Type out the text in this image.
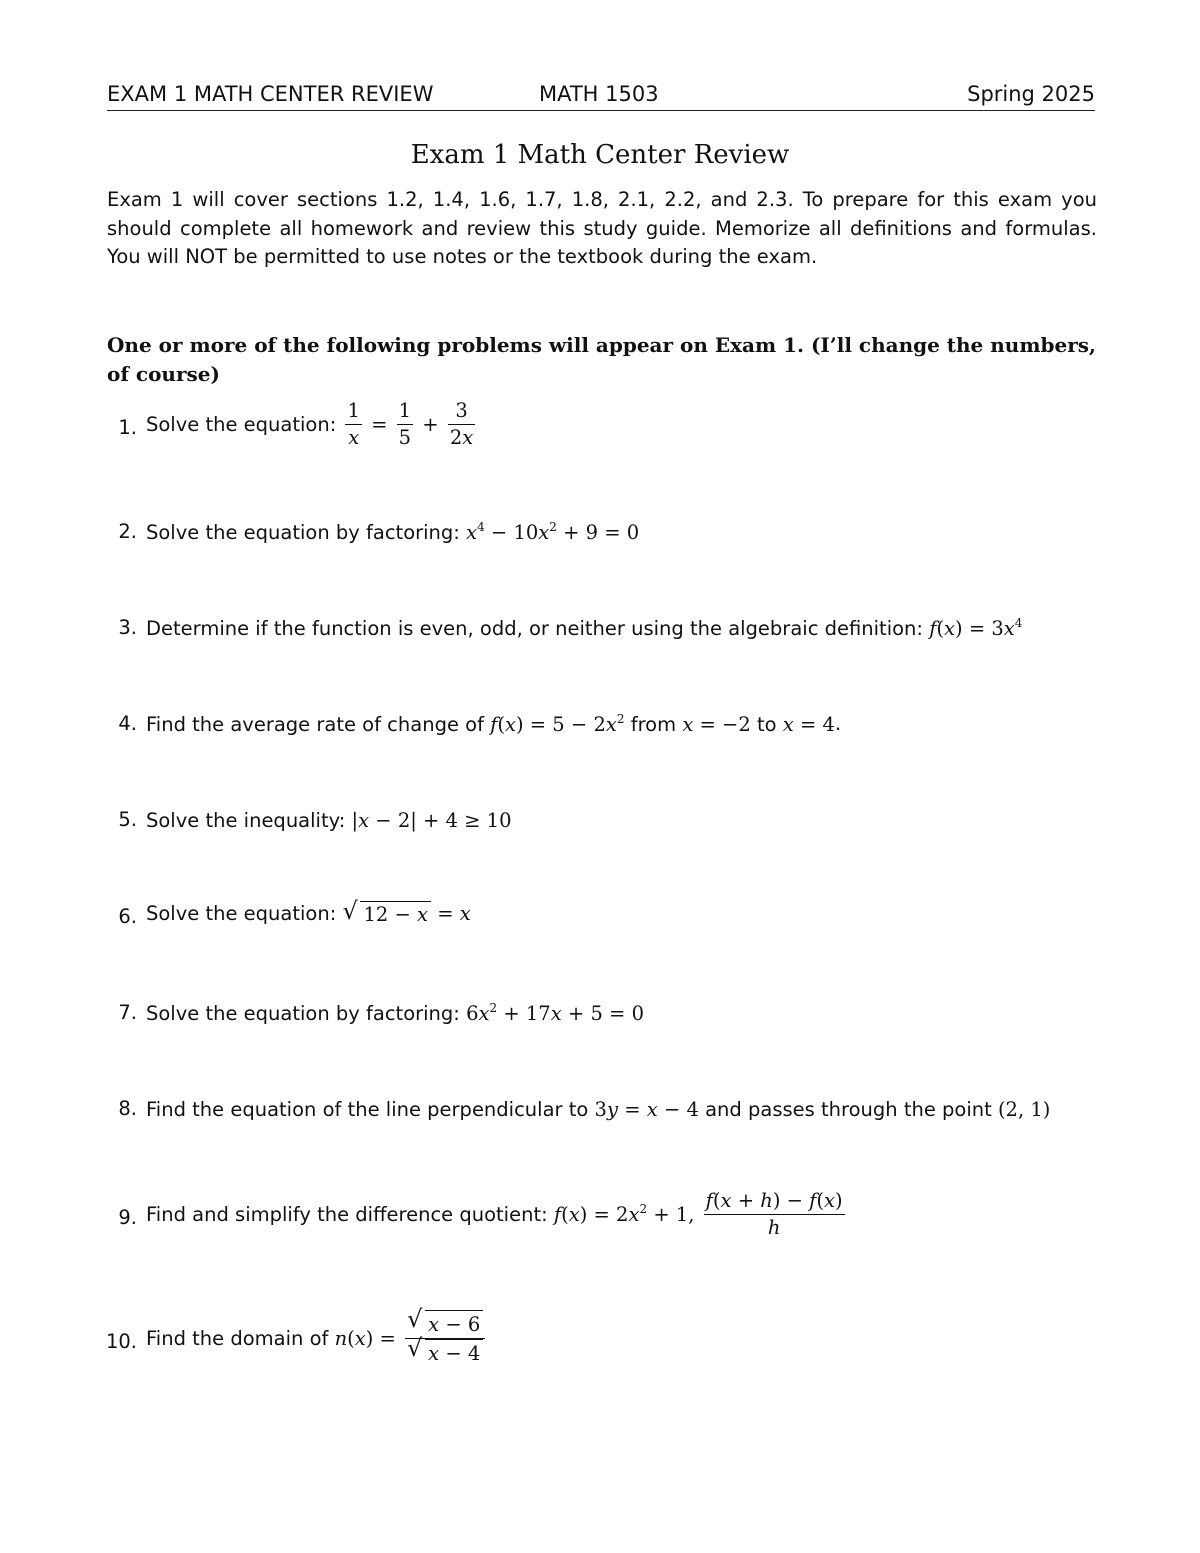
EXAM 1 MATH CENTER REVIEW	MATH 1503	Spring 2025
Exam 1 Math Center Review

Exam 1 will cover sections 1.2, 1.4, 1.6, 1.7, 1.8, 2.1, 2.2, and 2.3. To prepare for this exam you should complete all homework and review this study guide. Memorize all definitions and formulas. You will NOT be permitted to use notes or the textbook during the exam.

One or more of the following problems will appear on Exam 1. (I’ll change the numbers, of course)
1. Solve the equation: $\frac{1}{x} = \frac{1}{5} + \frac{3}{2x}$
2. Solve the equation by factoring: $x^4 - 10x^2 + 9 = 0$
3. Determine if the function is even, odd, or neither using the algebraic definition: $f(x) = 3x^4$
4. Find the average rate of change of $f(x) = 5 - 2x^2$ from x = −2 to x = 4.
5. Solve the inequality: |x − 2| + 4 ≥ 10
6. Solve the equation: √ 12 − x = x
7. Solve the equation by factoring: $6x^2 + 17x + 5 = 0$
8. Find the equation of the line perpendicular to 3y = x − 4 and passes through the point (2, 1)
9. Find and simplify the difference quotient: $f(x) = 2x^2 + 1$, $\frac{f(x + h) - f(x)}{h}$
10. Find the domain of $n(x) = \frac{√ x - 6}{√ x - 4}$
